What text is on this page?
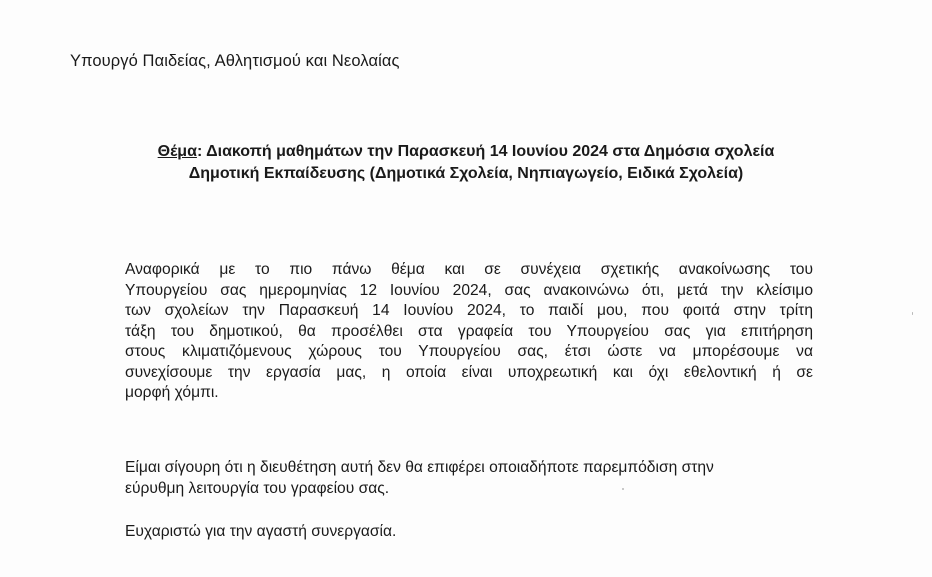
Υπουργό Παιδείας, Αθλητισμού και Νεολαίας
Θέμα: Διακοπή μαθημάτων την Παρασκευή 14 Ιουνίου 2024 στα Δημόσια σχολεία
Δημοτική Εκπαίδευσης (Δημοτικά Σχολεία, Νηπιαγωγείο, Ειδικά Σχολεία)
Αναφορικά με το πιο πάνω θέμα και σε συνέχεια σχετικής ανακοίνωσης του
Υπουργείου σας ημερομηνίας 12 Ιουνίου 2024, σας ανακοινώνω ότι, μετά την κλείσιμο
των σχολείων την Παρασκευή 14 Ιουνίου 2024, το παιδί μου, που φοιτά στην τρίτη
τάξη του δημοτικού, θα προσέλθει στα γραφεία του Υπουργείου σας για επιτήρηση
στους κλιματιζόμενους χώρους του Υπουργείου σας, έτσι ώστε να μπορέσουμε να
συνεχίσουμε την εργασία μας, η οποία είναι υποχρεωτική και όχι εθελοντική ή σε
μορφή χόμπι.
Είμαι σίγουρη ότι η διευθέτηση αυτή δεν θα επιφέρει οποιαδήποτε παρεμπόδιση στην
εύρυθμη λειτουργία του γραφείου σας.
Ευχαριστώ για την αγαστή συνεργασία.
